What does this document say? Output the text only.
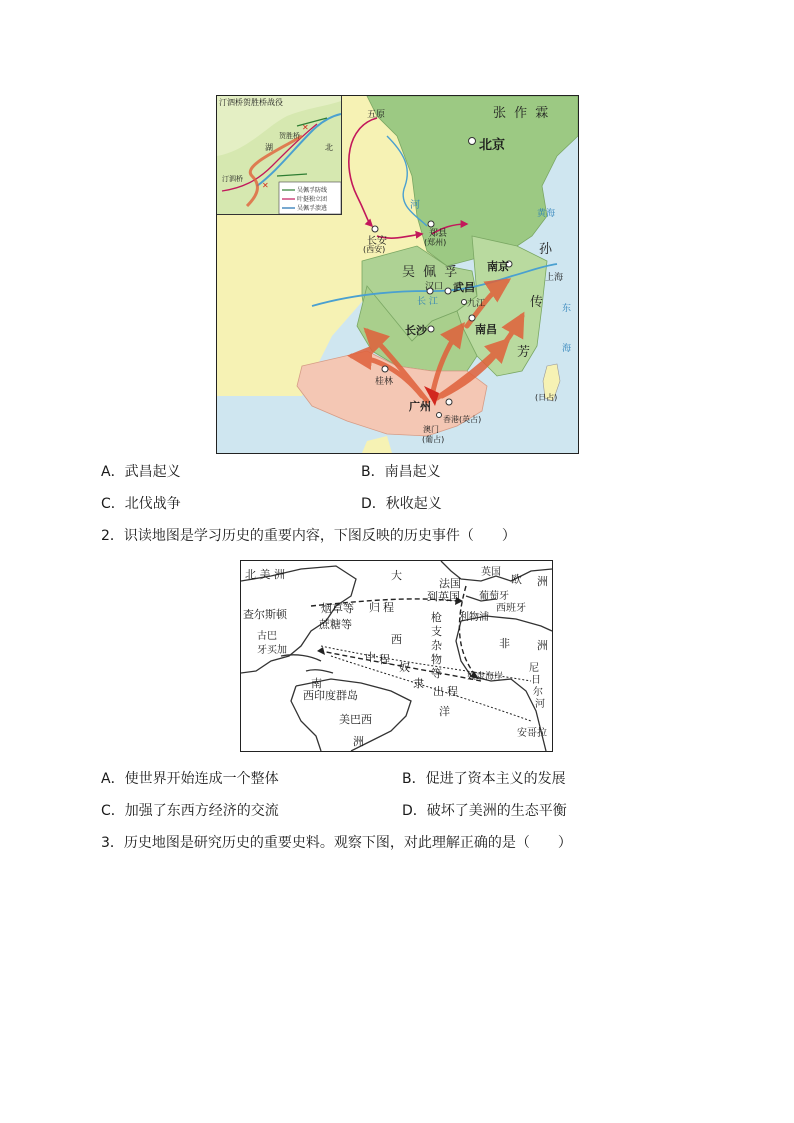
张 作 霖
吴 佩 孚
孙
传
芳
五原
北京
长安
(西安)
郑县
(郑州)
南京
上海
汉口 武昌
九江
长沙	南昌
桂林
广州
香港(英占)
澳门
(葡占)
(日占)
河
长 江
黄海
东
海
✕
✕
汀泗桥贺胜桥战役
贺胜桥
湖	北
汀泗桥
吴佩孚防线
叶挺独立团
吴佩孚溃逃
A．武昌起义	B．南昌起义
C．北伐战争	D．秋收起义
2．识读地图是学习历史的重要内容，下图反映的历史事件（　　）
北 美 洲	大
法国
英国
欧 洲
到英国 葡萄牙
查尔斯顿	烟草等 归 程
利物浦
西班牙
蔗糖等
枪
支
杂
物
等
古巴
牙买加
西
中 程
奴
隶
非 洲
南
西印度群岛	出 程
奴隶海岸
美巴西
洋
洲
安哥拉
尼
日
尔
河
A．使世界开始连成一个整体	B．促进了资本主义的发展
C．加强了东西方经济的交流	D．破坏了美洲的生态平衡
3．历史地图是研究历史的重要史料。观察下图，对此理解正确的是（　　）
